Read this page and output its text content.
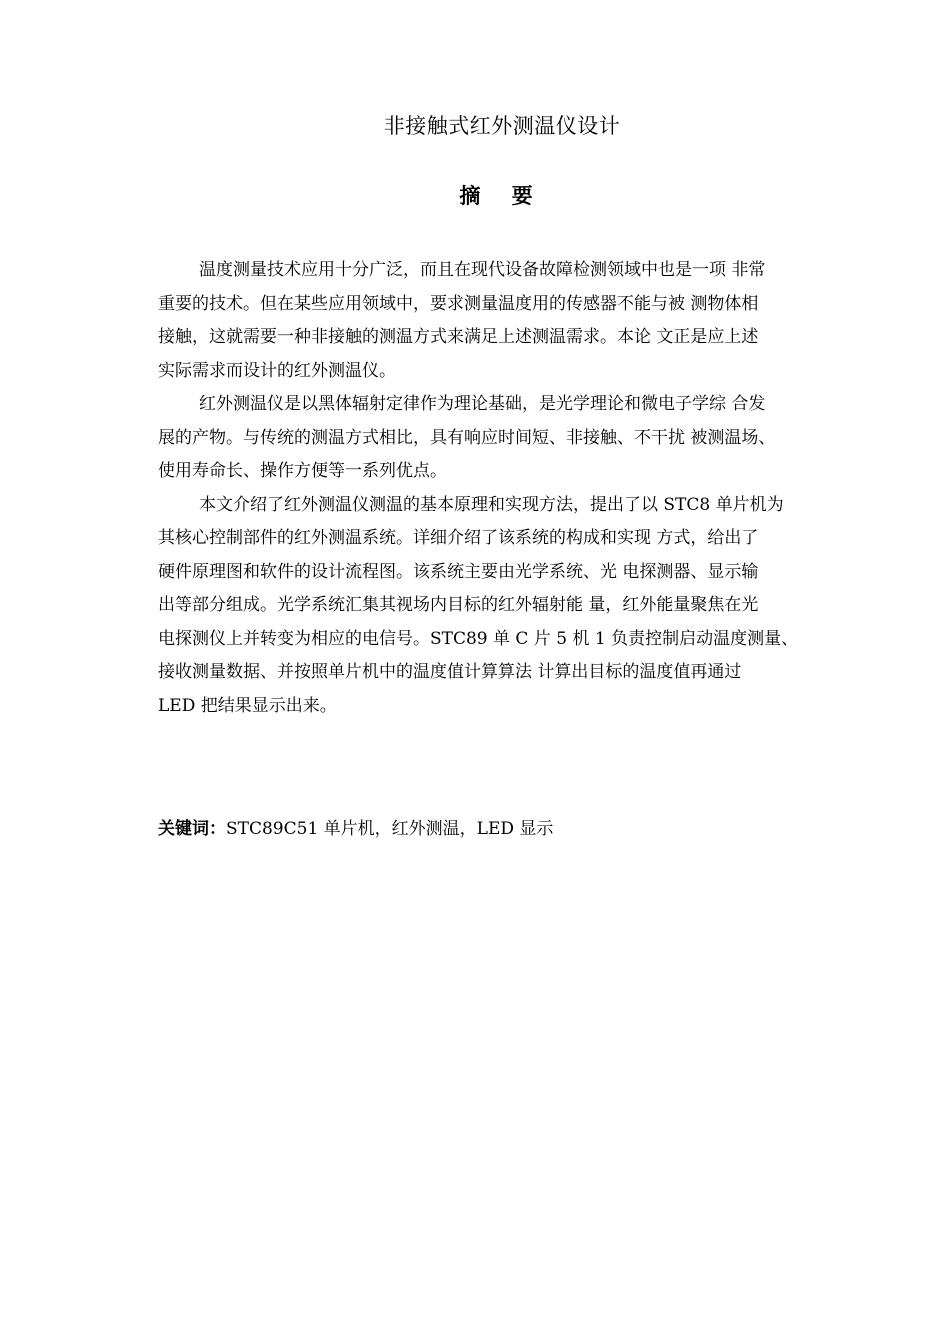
非接触式红外测温仪设计
摘 要

温度测量技术应用十分广泛，而且在现代设备故障检测领域中也是一项 非常
重要的技术。但在某些应用领域中，要求测量温度用的传感器不能与被 测物体相
接触，这就需要一种非接触的测温方式来满足上述测温需求。本论 文正是应上述
实际需求而设计的红外测温仪。

红外测温仪是以黑体辐射定律作为理论基础，是光学理论和微电子学综 合发
展的产物。与传统的测温方式相比，具有响应时间短、非接触、不干扰 被测温场、
使用寿命长、操作方便等一系列优点。

本文介绍了红外测温仪测温的基本原理和实现方法，提出了以 STC8 单片机为
其核心控制部件的红外测温系统。详细介绍了该系统的构成和实现 方式，给出了
硬件原理图和软件的设计流程图。该系统主要由光学系统、光 电探测器、显示输
出等部分组成。光学系统汇集其视场内目标的红外辐射能 量，红外能量聚焦在光
电探测仪上并转变为相应的电信号。STC89 单 C 片 5 机 1 负责控制启动温度测量、
接收测量数据、并按照单片机中的温度值计算算法 计算出目标的温度值再通过
LED 把结果显示出来。

关键词：STC89C51 单片机，红外测温，LED 显示
